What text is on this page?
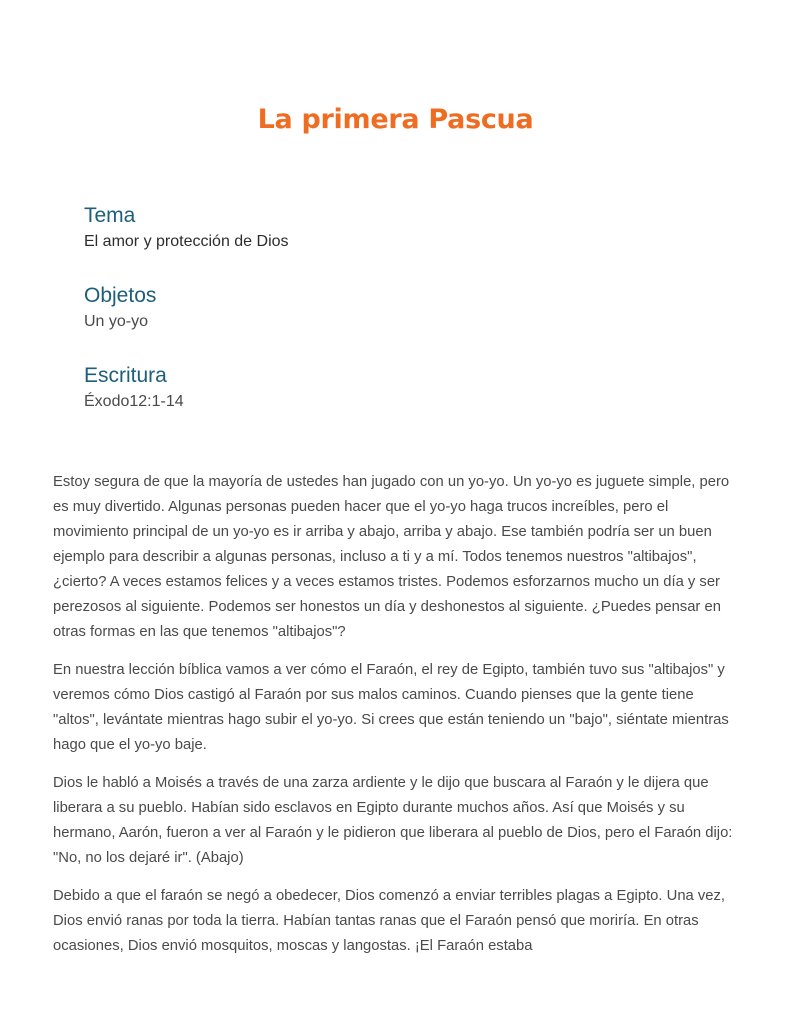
La primera Pascua
Tema

El amor y protección de Dios

Objetos

Un yo-yo

Escritura

Éxodo12:1-14

Estoy segura de que la mayoría de ustedes han jugado con un yo-yo. Un yo-yo es juguete simple, pero es muy divertido. Algunas personas pueden hacer que el yo-yo haga trucos increíbles, pero el movimiento principal de un yo-yo es ir arriba y abajo, arriba y abajo. Ese también podría ser un buen ejemplo para describir a algunas personas, incluso a ti y a mí. Todos tenemos nuestros "altibajos", ¿cierto? A veces estamos felices y a veces estamos tristes. Podemos esforzarnos mucho un día y ser perezosos al siguiente. Podemos ser honestos un día y deshonestos al siguiente. ¿Puedes pensar en otras formas en las que tenemos "altibajos"?

En nuestra lección bíblica vamos a ver cómo el Faraón, el rey de Egipto, también tuvo sus "altibajos" y veremos cómo Dios castigó al Faraón por sus malos caminos. Cuando pienses que la gente tiene "altos", levántate mientras hago subir el yo-yo. Si crees que están teniendo un "bajo", siéntate mientras hago que el yo-yo baje.

Dios le habló a Moisés a través de una zarza ardiente y le dijo que buscara al Faraón y le dijera que liberara a su pueblo. Habían sido esclavos en Egipto durante muchos años. Así que Moisés y su hermano, Aarón, fueron a ver al Faraón y le pidieron que liberara al pueblo de Dios, pero el Faraón dijo: "No, no los dejaré ir". (Abajo)

Debido a que el faraón se negó a obedecer, Dios comenzó a enviar terribles plagas a Egipto. Una vez, Dios envió ranas por toda la tierra. Habían tantas ranas que el Faraón pensó que moriría. En otras ocasiones, Dios envió mosquitos, moscas y langostas. ¡El Faraón estaba
